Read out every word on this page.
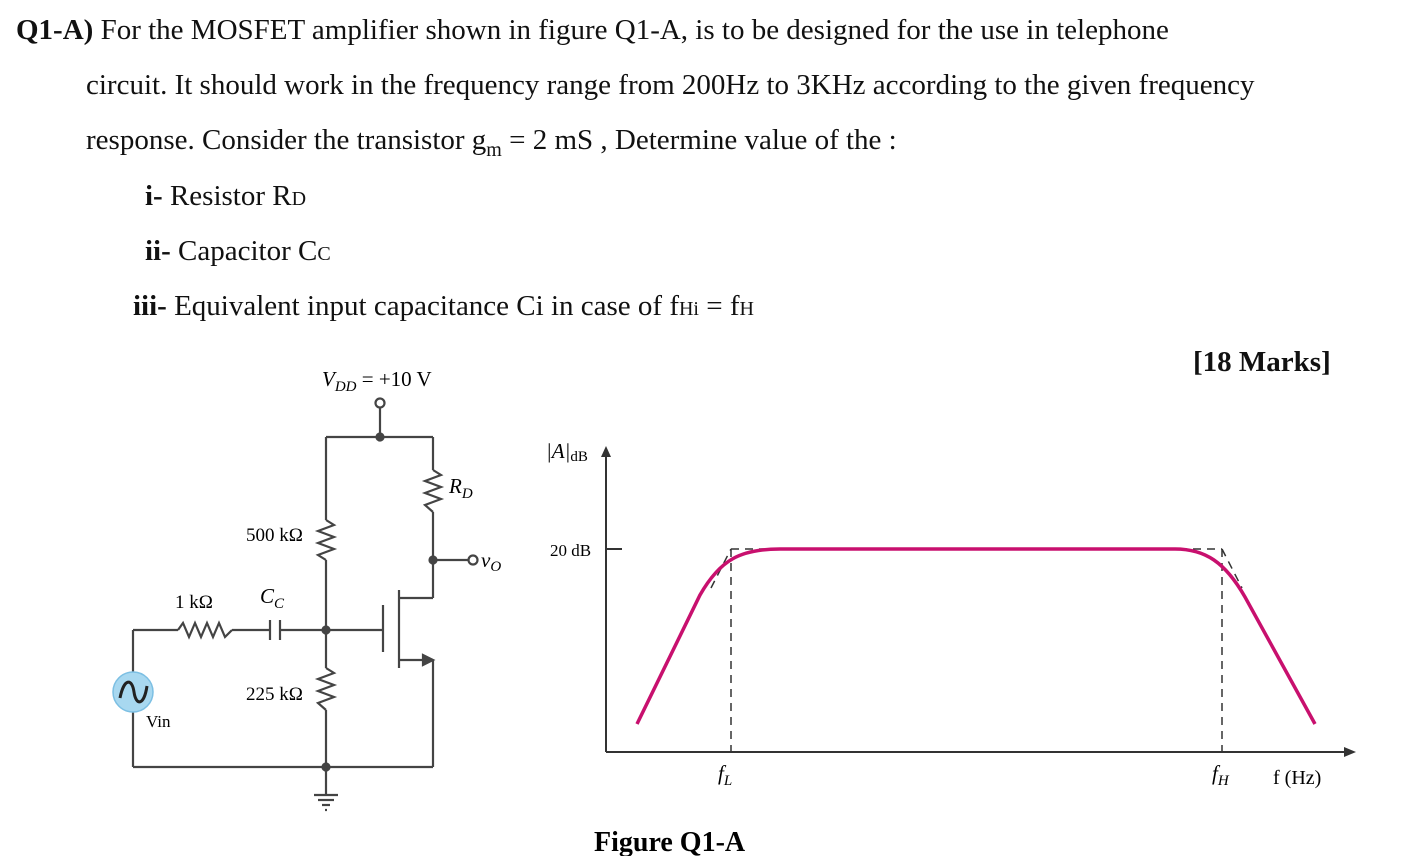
Q1-A) For the MOSFET amplifier shown in figure Q1-A, is to be designed for the use in telephone
circuit. It should work in the frequency range from 200Hz to 3KHz according to the given frequency
response. Consider the transistor $g_m = 2$ mS , Determine value of the :
i- Resistor RD
ii- Capacitor CC
iii- Equivalent input capacitance Ci in case of fHi = fH
[18 Marks]
$V_{DD} = +10$ V
$R_D$
vO
500 kΩ
225 kΩ
1 kΩ $C_C$
Vin
|A|dB
20 dB
$f_L$	$f_H$ f (Hz)
Figure Q1-A
